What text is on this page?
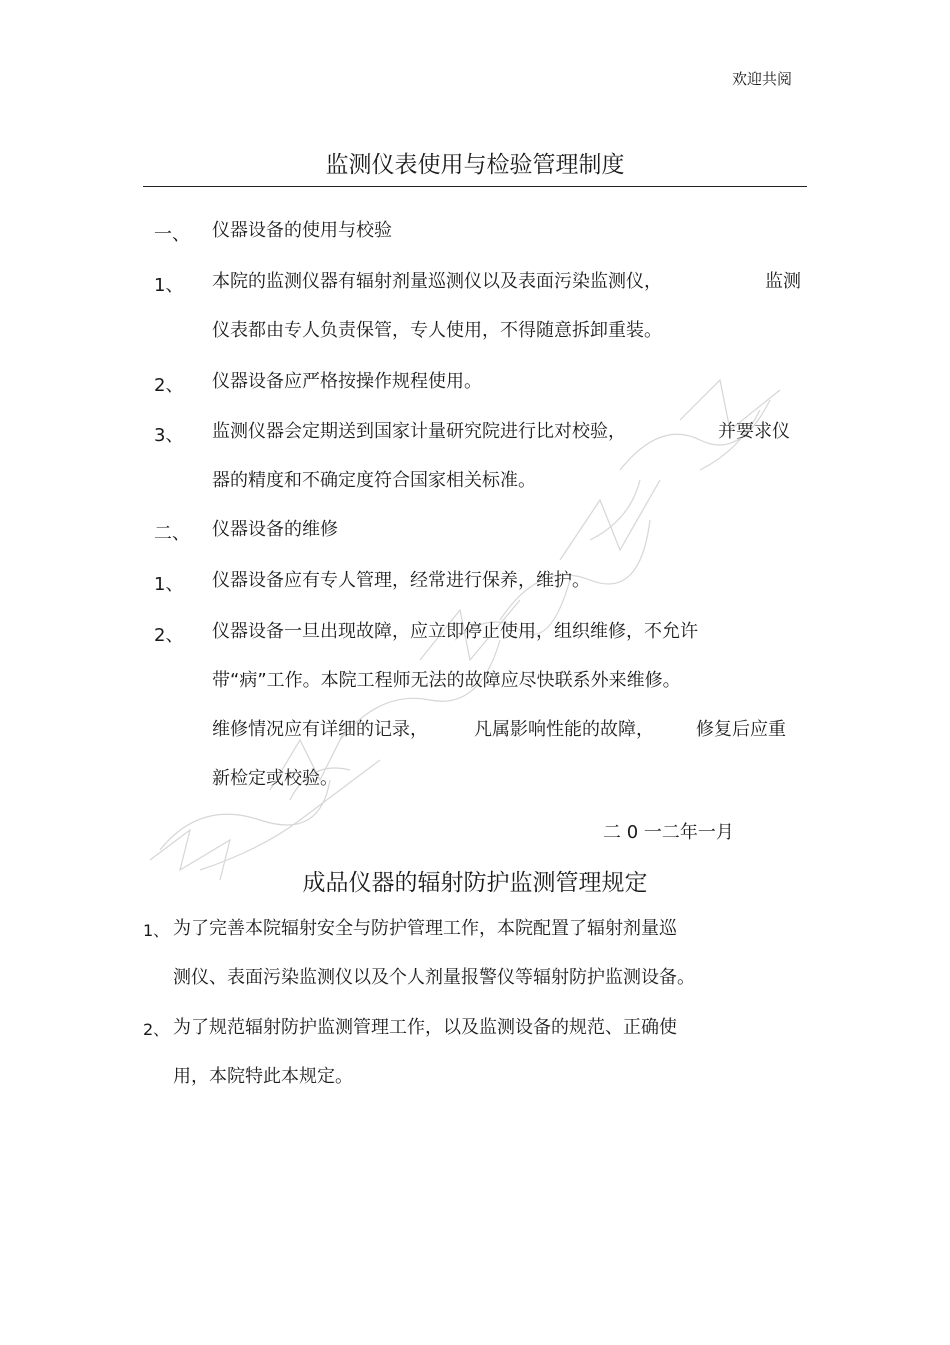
欢迎共阅
监测仪表使用与检验管理制度
一、 仪器设备的使用与校验
1、 本院的监测仪器有辐射剂量巡测仪以及表面污染监测仪，	监测
仪表都由专人负责保管，专人使用，不得随意拆卸重装。
2、 仪器设备应严格按操作规程使用。
3、 监测仪器会定期送到国家计量研究院进行比对校验，	并要求仪
器的精度和不确定度符合国家相关标准。
二、 仪器设备的维修
1、 仪器设备应有专人管理，经常进行保养，维护。
2、 仪器设备一旦出现故障，应立即停止使用，组织维修，不允许
带“病”工作。本院工程师无法的故障应尽快联系外来维修。
维修情况应有详细的记录，	凡属影响性能的故障， 修复后应重
新检定或校验。
二 0 一二年一月
成品仪器的辐射防护监测管理规定
1、 为了完善本院辐射安全与防护管理工作，本院配置了辐射剂量巡
测仪、表面污染监测仪以及个人剂量报警仪等辐射防护监测设备。
2、 为了规范辐射防护监测管理工作，以及监测设备的规范、正确使
用，本院特此本规定。
